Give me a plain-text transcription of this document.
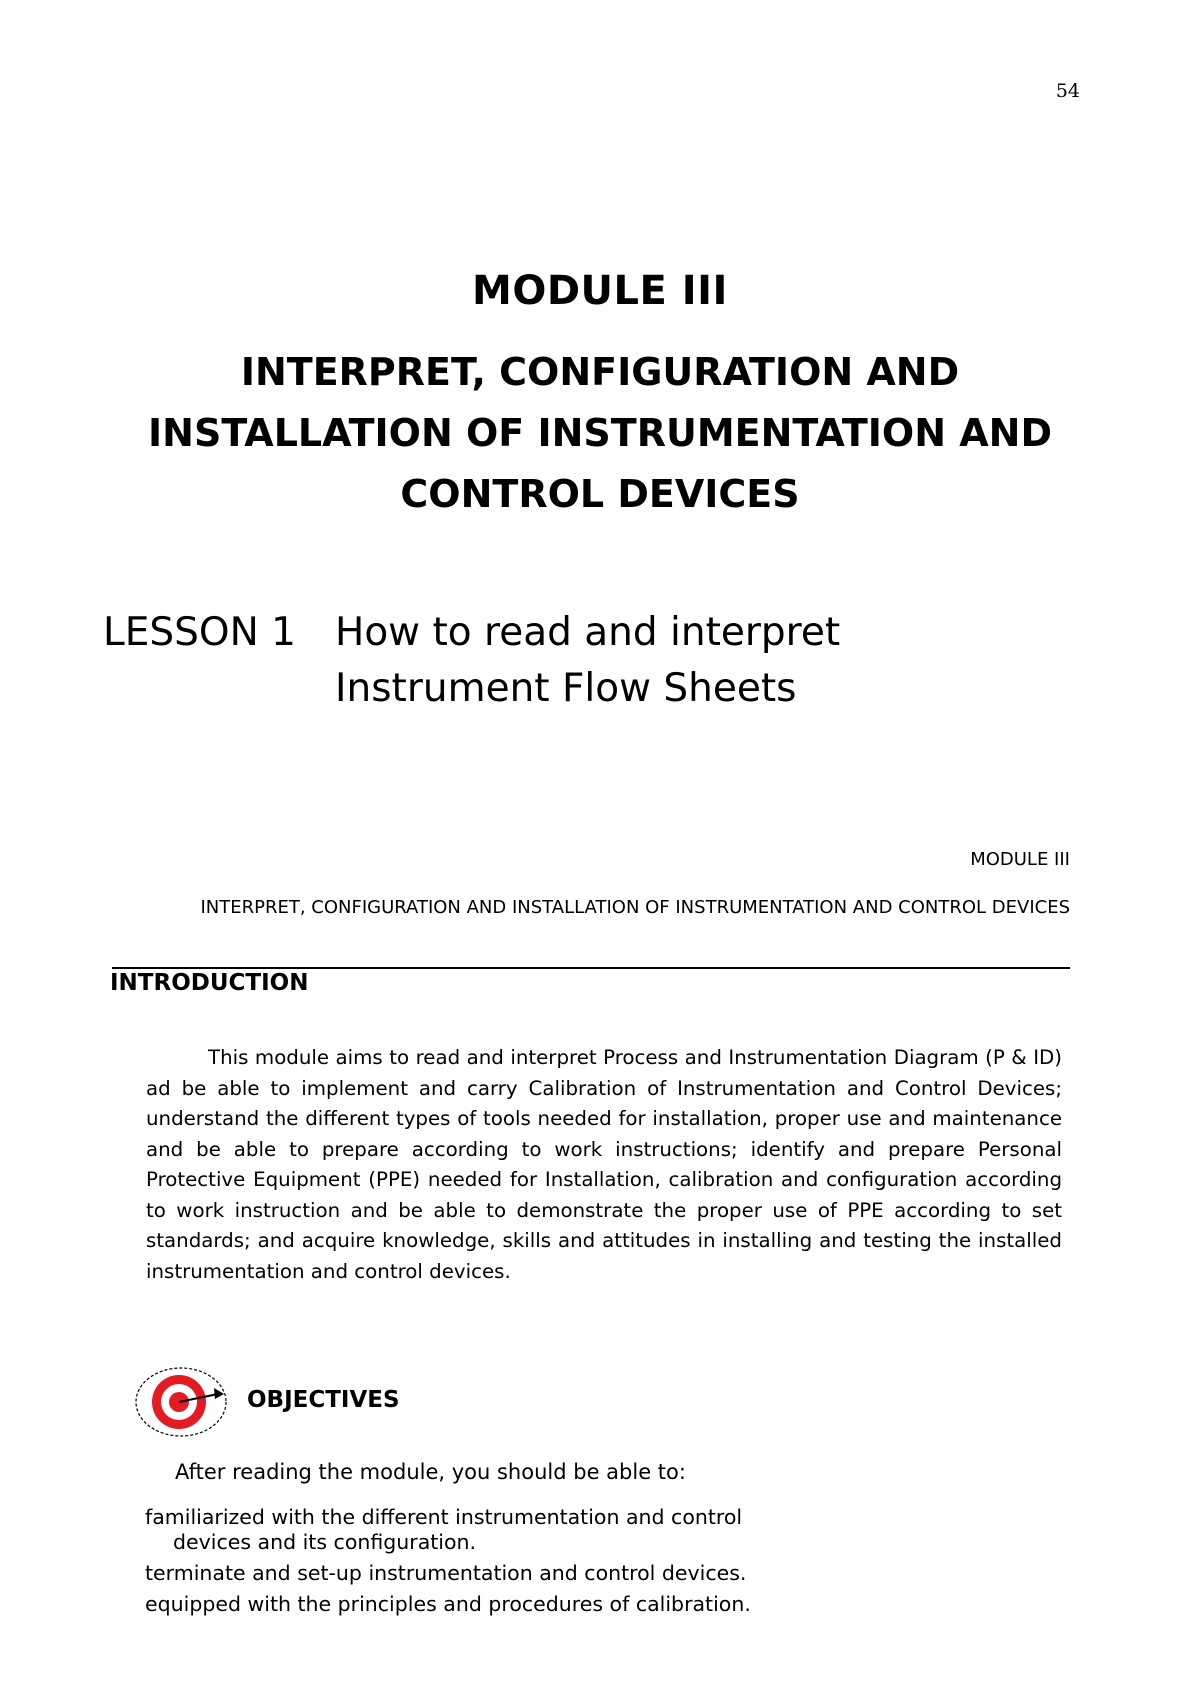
54
MODULE III
INTERPRET, CONFIGURATION AND INSTALLATION OF INSTRUMENTATION AND CONTROL DEVICES
LESSON 1 How to read and interpret
Instrument Flow Sheets
MODULE III
INTERPRET, CONFIGURATION AND INSTALLATION OF INSTRUMENTATION AND CONTROL DEVICES
INTRODUCTION

This module aims to read and interpret Process and Instrumentation Diagram (P & ID) ad be able to implement and carry Calibration of Instrumentation and Control Devices; understand the different types of tools needed for installation, proper use and maintenance and be able to prepare according to work instructions; identify and prepare Personal Protective Equipment (PPE) needed for Installation, calibration and configuration according to work instruction and be able to demonstrate the proper use of PPE according to set standards; and acquire knowledge, skills and attitudes in installing and testing the installed instrumentation and control devices.

OBJECTIVES
After reading the module, you should be able to:
familiarized with the different instrumentation and control devices and its configuration.
terminate and set-up instrumentation and control devices.
equipped with the principles and procedures of calibration.
